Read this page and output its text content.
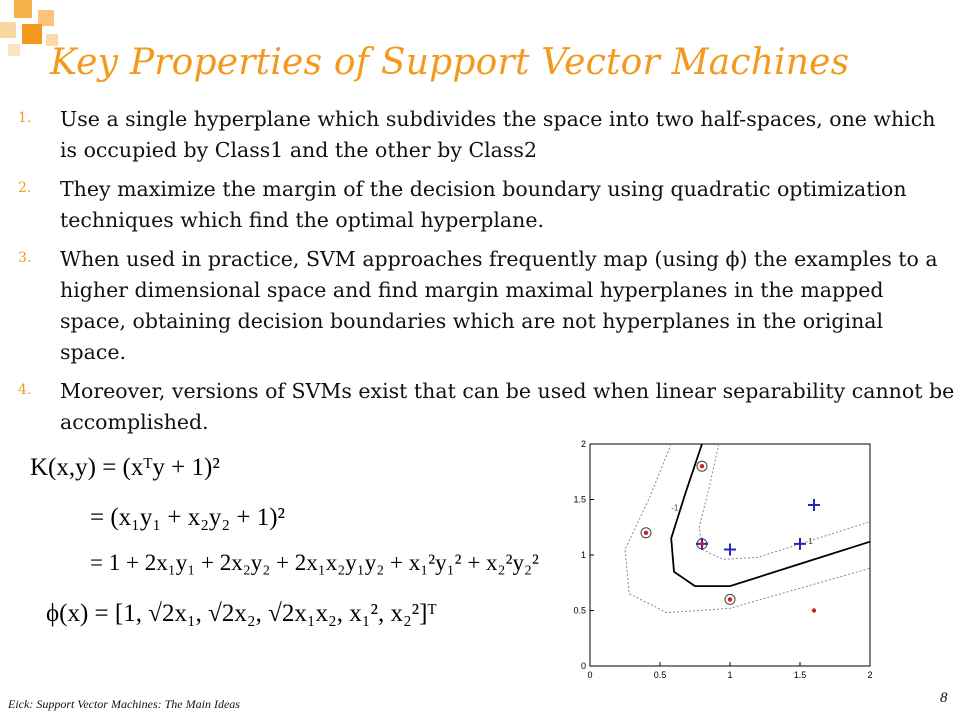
Key Properties of Support Vector Machines
1.	Use a single hyperplane which subdivides the space into two half-spaces, one which is occupied by Class1 and the other by Class2
2.	They maximize the margin of the decision boundary using quadratic optimization techniques which find the optimal hyperplane.
3.	When used in practice, SVM approaches frequently map (using ϕ) the examples to a higher dimensional space and find margin maximal hyperplanes in the mapped space, obtaining decision boundaries which are not hyperplanes in the original space.
4.	Moreover, versions of SVMs exist that can be used when linear separability cannot be accomplished.
K(x,y) = (xᵀy + 1)²
= (x₁y₁ + x₂y₂ + 1)²
= 1 + 2x₁y₁ + 2x₂y₂ + 2x₁x₂y₁y₂ + x₁²y₁² + x₂²y₂²
ϕ(x) = [1, √2x₁, √2x₂, √2x₁x₂, x₁², x₂²]ᵀ
0	0.5	1	1.5	2
0
0.5
1
1.5
2
-1
1
Eick: Support Vector Machines: The Main Ideas	8
